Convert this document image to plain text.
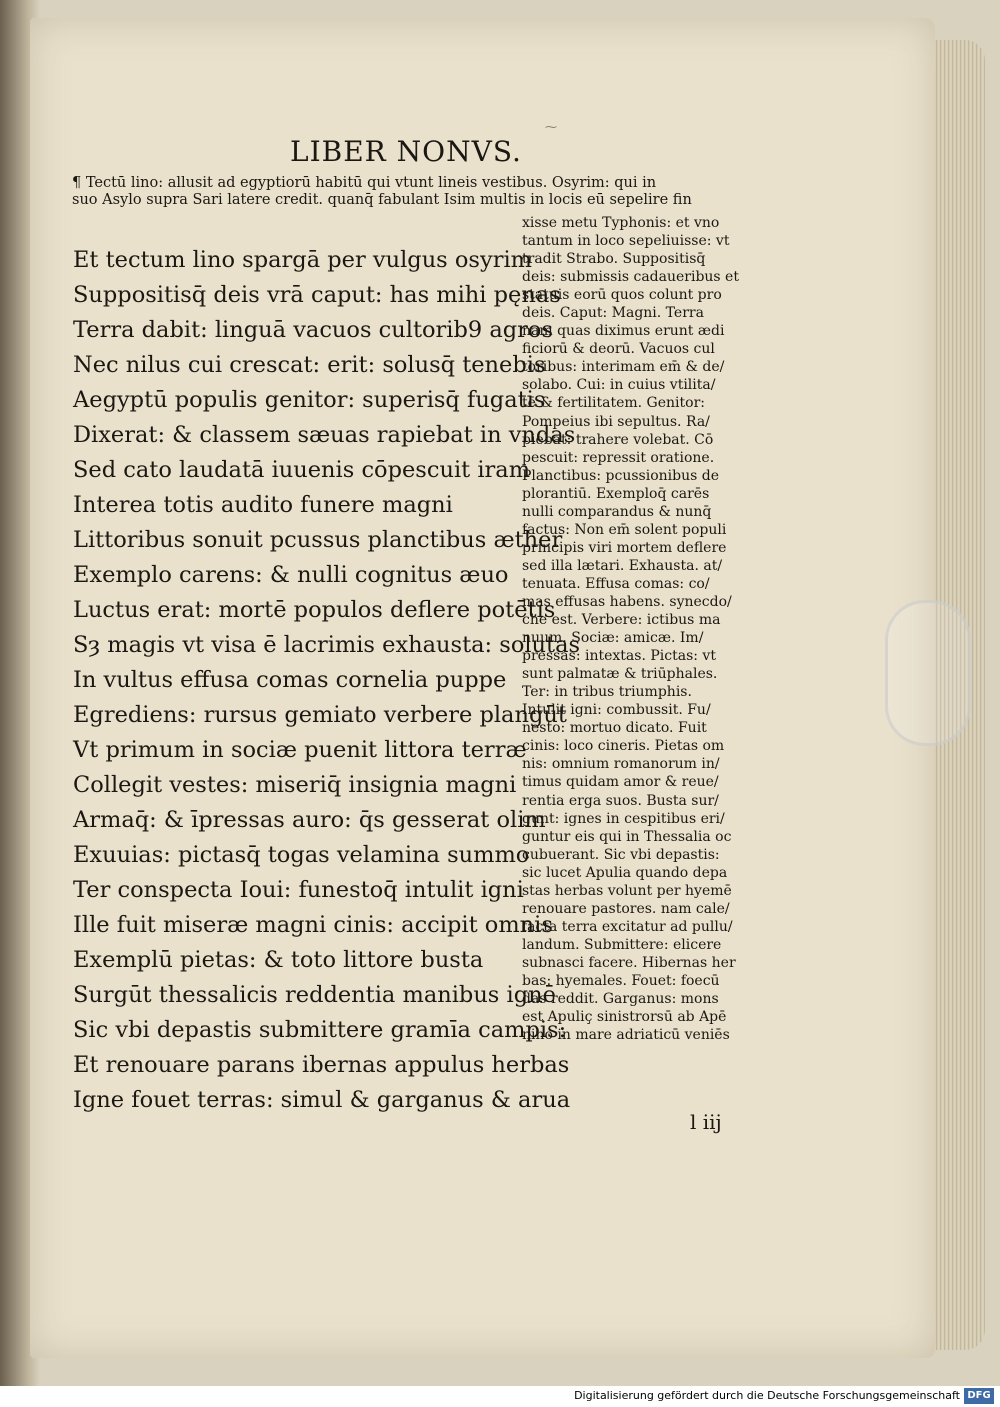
⁓
LIBER NONVS.
¶ Tectū lino: allusit ad egyptiorū habitū qui vtunt lineis vestibus. Osyrim: qui in
suo Asylo supra Sari latere credit. quanq̄ fabulant Isim multis in locis eū sepelire fin
Et tectum lino spargā per vulgus osyrim
Suppositisq̄ deis vrā caput: has mihi pęnas
Terra dabit: linguā vacuos cultorib9 agros
Nec nilus cui crescat: erit: solusq̄ tenebis
Aegyptū populis genitor: superisq̄ fugatis
Dixerat: & classem sæuas rapiebat in vndas
Sed cato laudatā iuuenis cōpescuit iram
Interea totis audito funere magni
Littoribus sonuit pcussus planctibus æther
Exemplo carens: & nulli cognitus æuo
Luctus erat: mortē populos deflere potētis
Sȝ magis vt visa ē lacrimis exhausta: solutas
In vultus effusa comas cornelia puppe
Egrediens: rursus gemiato verbere plangūt
Vt primum in sociæ puenit littora terræ
Collegit vestes: miseriq̄ insignia magni
Armaq̄: & īpressas auro: q̄s gesserat olim
Exuuias: pictasq̄ togas velamina summo
Ter conspecta Ioui: funestoq̄ intulit igni
Ille fuit miseræ magni cinis: accipit omnis
Exemplū pietas: & toto littore busta
Surgūt thessalicis reddentia manibus ignē
Sic vbi depastis submittere gramīa campis:
Et renouare parans ibernas appulus herbas
Igne fouet terras: simul & garganus & arua
xisse metu Typhonis: et vno
tantum in loco sepeliuisse: vt
tradit Strabo. Suppositisq̄
deis: submissis cadaueribus et
statuis eorū quos colunt pro
deis. Caput: Magni. Terra
nam quas diximus erunt ædi
ficiorū & deorū. Vacuos cul
toribus: interimam em̄ & de/
solabo. Cui: in cuius vtilita/
tē & fertilitatem. Genitor:
Pompeius ibi sepultus. Ra/
piebat: trahere volebat. Cō
pescuit: repressit oratione.
Planctibus: pcussionibus de
plorantiū. Exemploq̄ carēs
nulli comparandus & nunq̄
factus: Non em̄ solent populi
principis viri mortem deflere
sed illa lætari. Exhausta. at/
tenuata. Effusa comas: co/
mas effusas habens. synecdo/
che est. Verbere: ictibus ma
nuum. Sociæ: amicæ. Im/
pressas: intextas. Pictas: vt
sunt palmatæ & triūphales.
Ter: in tribus triumphis.
Intulit igni: combussit. Fu/
nesto: mortuo dicato. Fuit
cinis: loco cineris. Pietas om
nis: omnium romanorum in/
timus quidam amor & reue/
rentia erga suos. Busta sur/
gunt: ignes in cespitibus eri/
guntur eis qui in Thessalia oc
cubuerant. Sic vbi depastis:
sic lucet Apulia quando depa
stas herbas volunt per hyemē
renouare pastores. nam cale/
facta terra excitatur ad pullu/
landum. Submittere: elicere
subnasci facere. Hibernas her
bas: hyemales. Fouet: foecū
das reddit. Garganus: mons
est Apuliç sinistrorsū ab Apē
nino in mare adriaticū veniēs
l iij
Digitalisierung gefördert durch die Deutsche Forschungsgemeinschaft DFG
